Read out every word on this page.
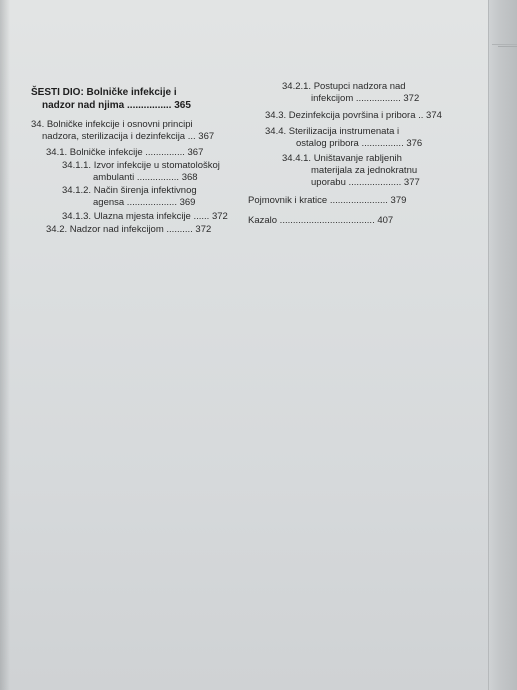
ŠESTI DIO: Bolničke infekcije i
nadzor nad njima ................ 365
34. Bolničke infekcije i osnovni principi
nadzora, sterilizacija i dezinfekcija ... 367
34.1. Bolničke infekcije ............... 367
34.1.1. Izvor infekcije u stomatološkoj
ambulanti ................ 368
34.1.2. Način širenja infektivnog
agensa ................... 369
34.1.3. Ulazna mjesta infekcije ...... 372
34.2. Nadzor nad infekcijom .......... 372
34.2.1. Postupci nadzora nad
infekcijom ................. 372
34.3. Dezinfekcija površina i pribora .. 374
34.4. Sterilizacija instrumenata i
ostalog pribora ................ 376
34.4.1. Uništavanje rabljenih
materijala za jednokratnu
uporabu .................... 377
Pojmovnik i kratice ...................... 379
Kazalo .................................... 407
